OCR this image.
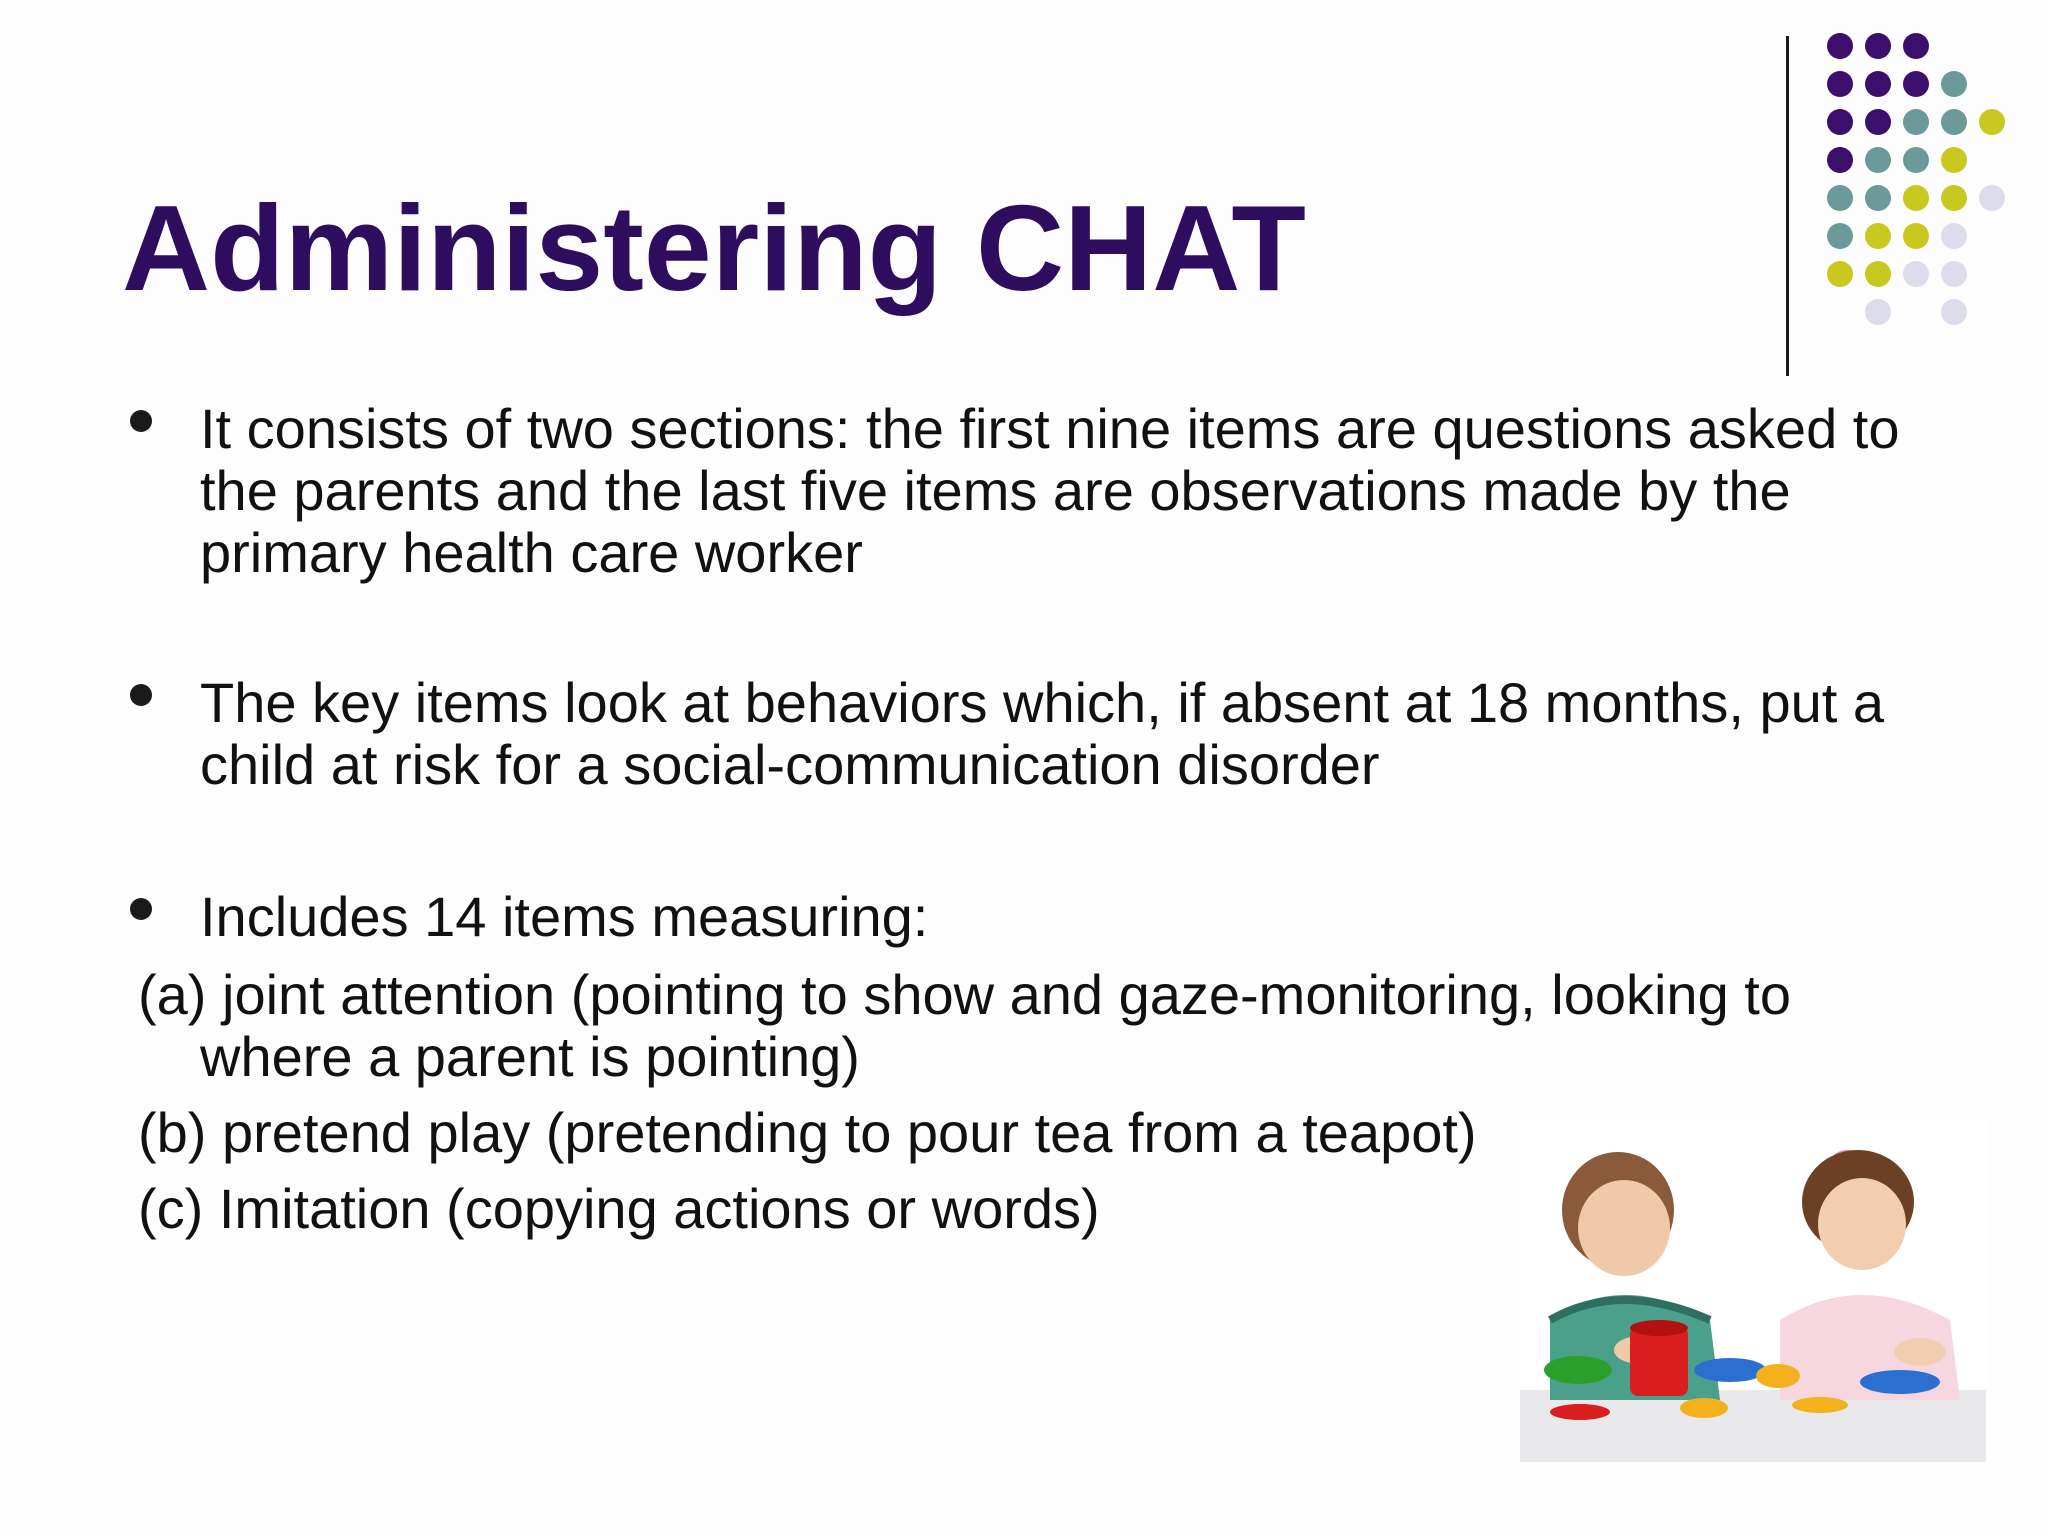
Administering CHAT

It consists of two sections: the first nine items are questions asked to the parents and the last five items are observations made by the primary health care worker

The key items look at behaviors which, if absent at 18 months, put a child at risk for a social-communication disorder

Includes 14 items measuring:

(a) joint attention (pointing to show and gaze-monitoring, looking to where a parent is pointing)

(b) pretend play (pretending to pour tea from a teapot)

(c) Imitation (copying actions or words)
